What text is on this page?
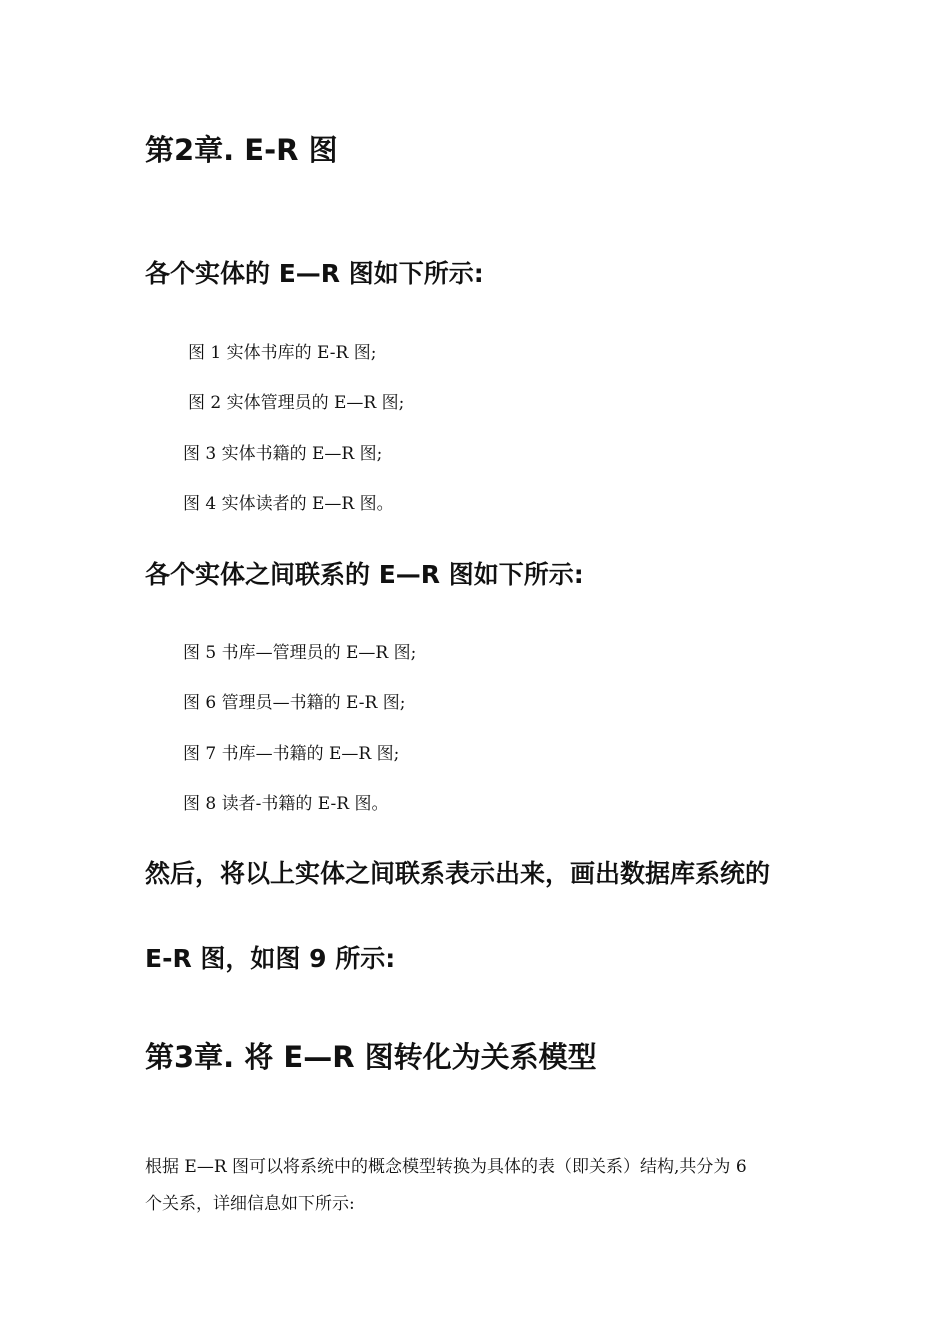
第2章. E-R 图
各个实体的 E—R 图如下所示:
图 1 实体书库的 E-R 图;
图 2 实体管理员的 E—R 图;
图 3 实体书籍的 E—R 图;
图 4 实体读者的 E—R 图。
各个实体之间联系的 E—R 图如下所示:
图 5 书库—管理员的 E—R 图;
图 6 管理员—书籍的 E-R 图;
图 7 书库—书籍的 E—R 图;
图 8 读者-书籍的 E-R 图。
然后，将以上实体之间联系表示出来，画出数据库系统的
E-R 图，如图 9 所示:
第3章. 将 E—R 图转化为关系模型
根据 E—R 图可以将系统中的概念模型转换为具体的表（即关系）结构,共分为 6
个关系，详细信息如下所示:
